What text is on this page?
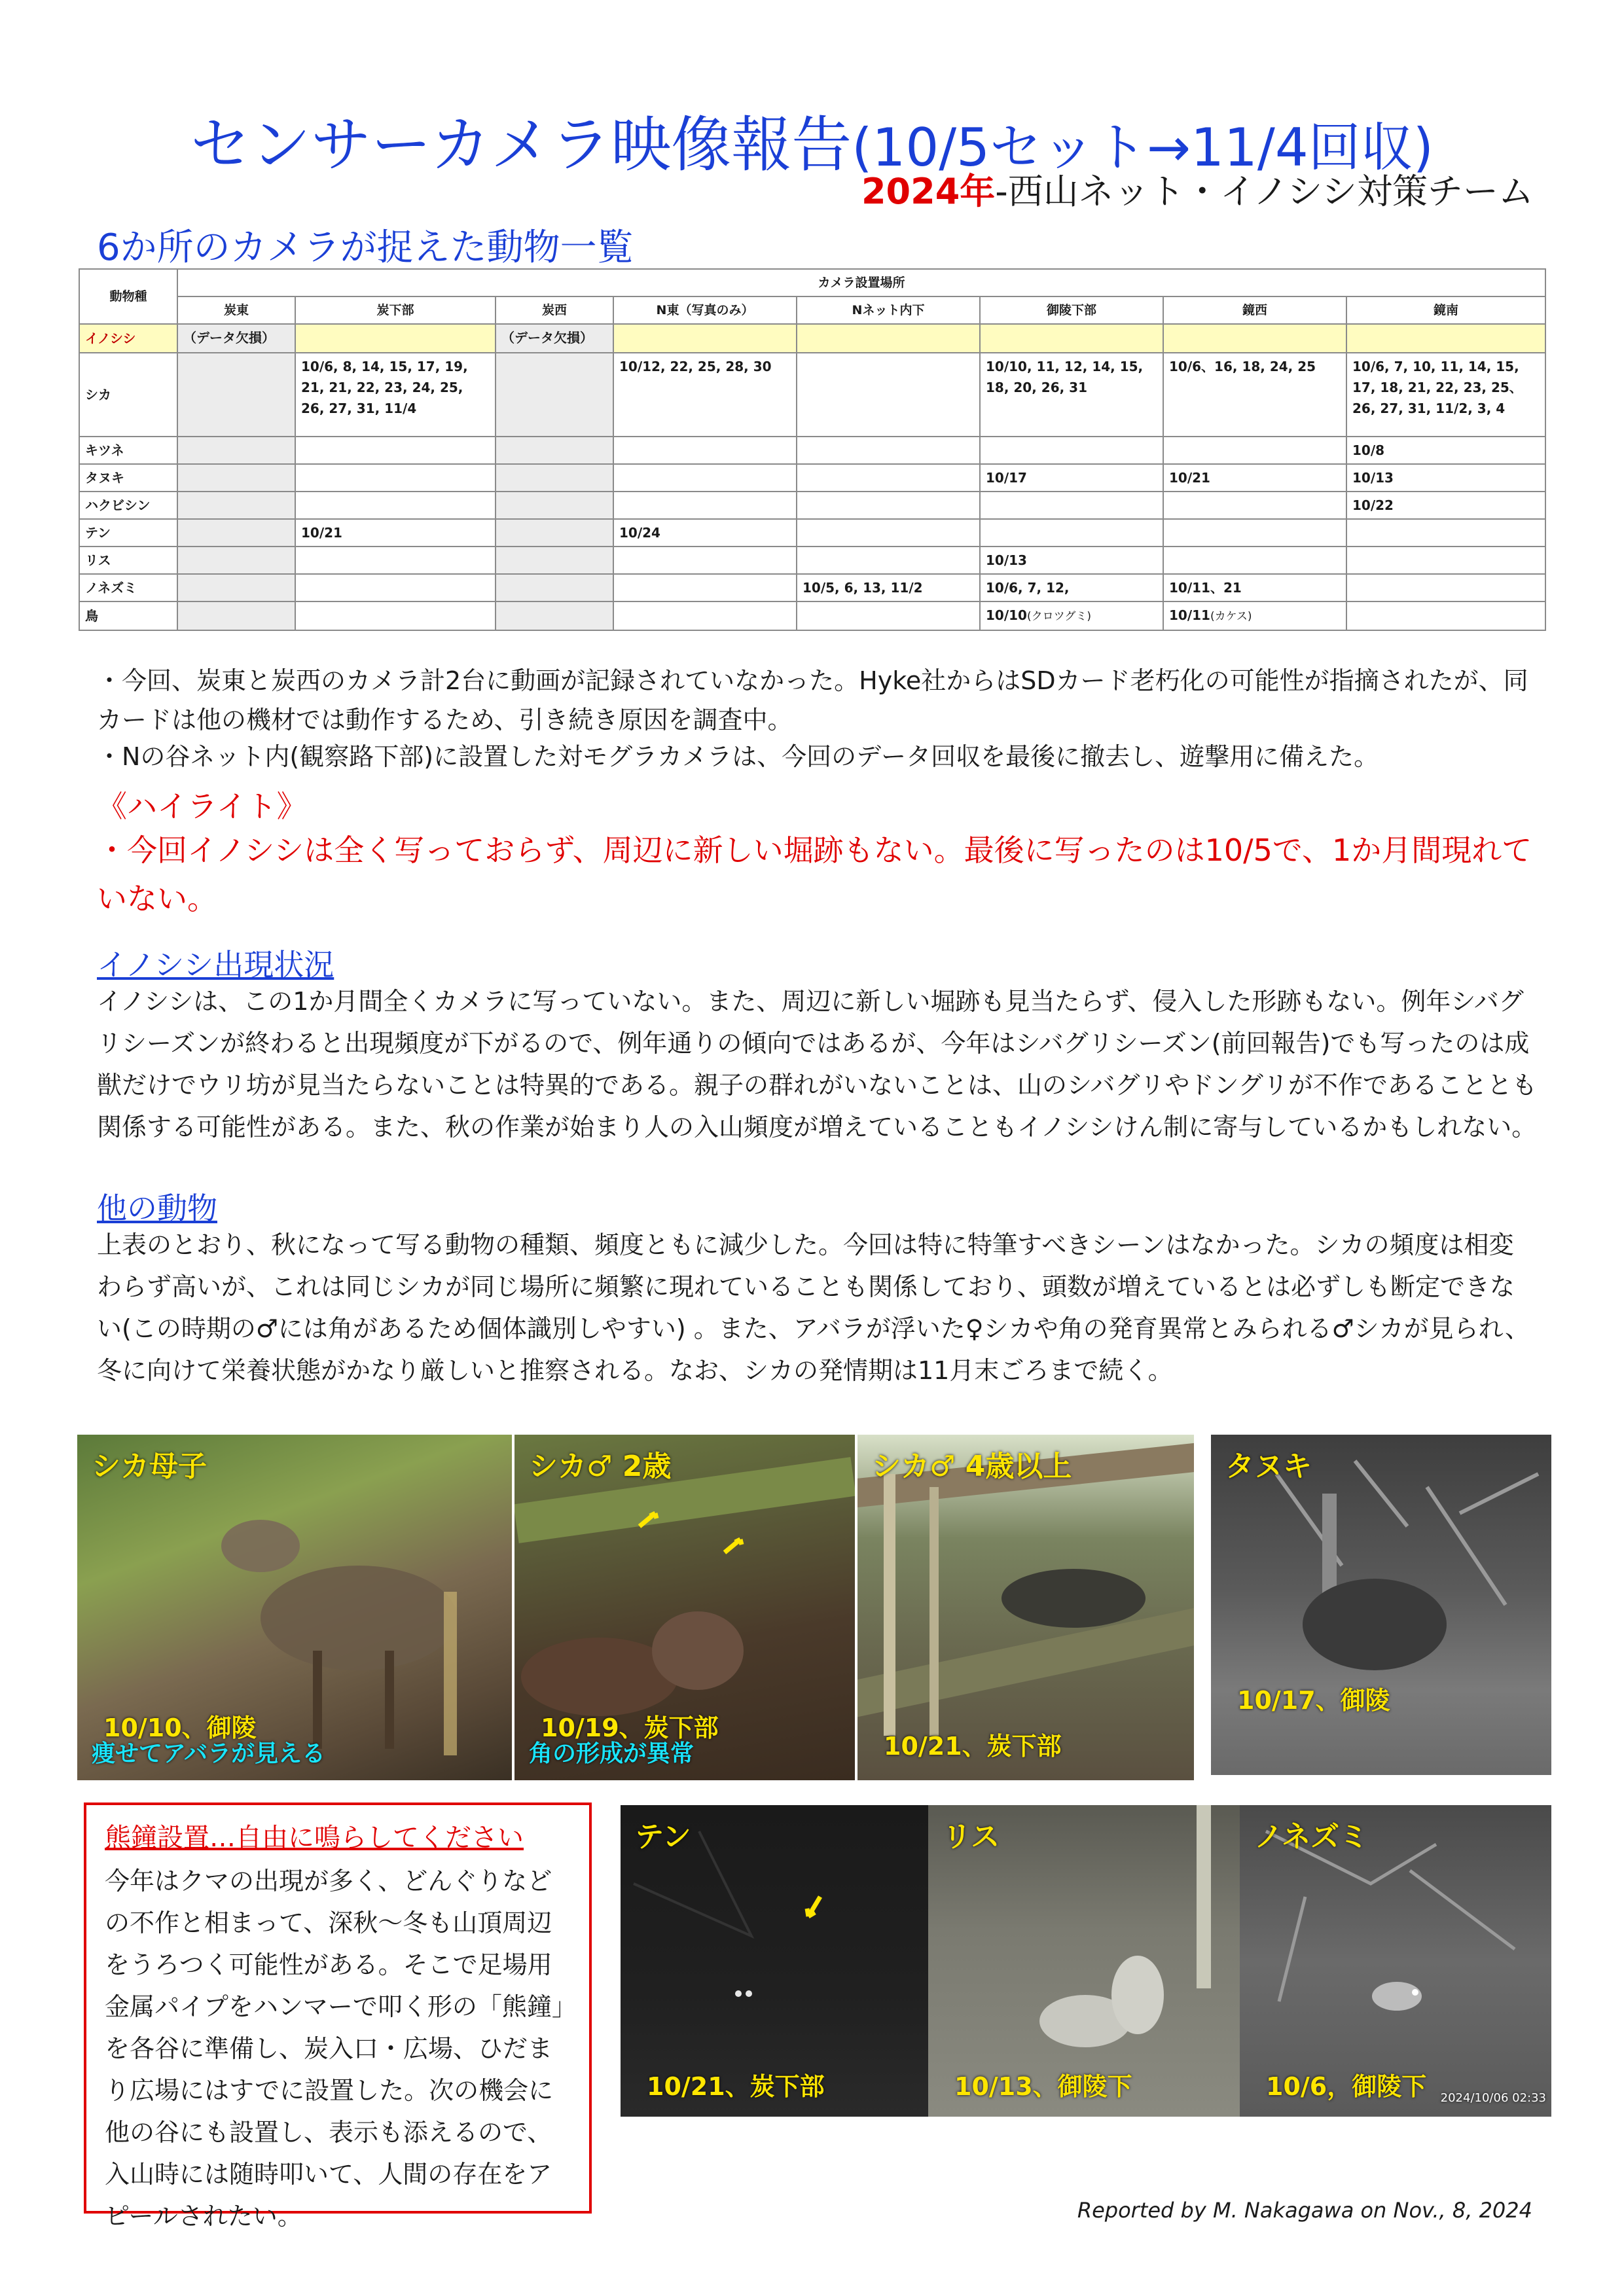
センサーカメラ映像報告(10/5セット→11/4回収)
2024年-西山ネット・イノシシ対策チーム
6か所のカメラが捉えた動物一覧
動物種	カメラ設置場所							
	炭東	炭下部	炭西	N東（写真のみ）	Nネット内下	御陵下部	鏡西	鏡南
イノシシ	（データ欠損）		（データ欠損）					
シカ		10/6, 8, 14, 15, 17, 19, 21, 21, 22, 23, 24, 25, 26, 27, 31, 11/4		10/12, 22, 25, 28, 30		10/10, 11, 12, 14, 15, 18, 20, 26, 31	10/6、16, 18, 24, 25	10/6, 7, 10, 11, 14, 15, 17, 18, 21, 22, 23, 25、26, 27, 31, 11/2, 3, 4
キツネ								10/8
タヌキ						10/17	10/21	10/13
ハクビシン								10/22
テン		10/21		10/24				
リス						10/13		
ノネズミ					10/5, 6, 13, 11/2	10/6, 7, 12,	10/11、21	
鳥						10/10(クロツグミ)	10/11(カケス)	
・今回、炭東と炭西のカメラ計2台に動画が記録されていなかった。Hyke社からはSDカード老朽化の可能性が指摘されたが、同カードは他の機材では動作するため、引き続き原因を調査中。
・Nの谷ネット内(観察路下部)に設置した対モグラカメラは、今回のデータ回収を最後に撤去し、遊撃用に備えた。
《ハイライト》
・今回イノシシは全く写っておらず、周辺に新しい堀跡もない。最後に写ったのは10/5で、1か月間現れていない。
イノシシ出現状況
イノシシは、この1か月間全くカメラに写っていない。また、周辺に新しい堀跡も見当たらず、侵入した形跡もない。例年シバグリシーズンが終わると出現頻度が下がるので、例年通りの傾向ではあるが、今年はシバグリシーズン(前回報告)でも写ったのは成獣だけでウリ坊が見当たらないことは特異的である。親子の群れがいないことは、山のシバグリやドングリが不作であることとも関係する可能性がある。また、秋の作業が始まり人の入山頻度が増えていることもイノシシけん制に寄与しているかもしれない。
他の動物
上表のとおり、秋になって写る動物の種類、頻度ともに減少した。今回は特に特筆すべきシーンはなかった。シカの頻度は相変わらず高いが、これは同じシカが同じ場所に頻繁に現れていることも関係しており、頭数が増えているとは必ずしも断定できない(この時期の♂には角があるため個体識別しやすい) 。また、アバラが浮いた♀シカや角の発育異常とみられる♂シカが見られ、冬に向けて栄養状態がかなり厳しいと推察される。なお、シカの発情期は11月末ごろまで続く。
シカ母子
10/10、御陵
痩せてアバラが見える
シカ♂ 2歳
10/19、炭下部
角の形成が異常
シカ♂ 4歳以上
10/21、炭下部
タヌキ
10/17、御陵
熊鐘設置…自由に鳴らしてください
今年はクマの出現が多く、どんぐりなどの不作と相まって、深秋～冬も山頂周辺をうろつく可能性がある。そこで足場用金属パイプをハンマーで叩く形の「熊鐘」を各谷に準備し、炭入口・広場、ひだまり広場にはすでに設置した。次の機会に他の谷にも設置し、表示も添えるので、入山時には随時叩いて、人間の存在をアピールされたい。
テン
10/21、炭下部
リス
10/13、御陵下
ノネズミ
10/6，御陵下 2024/10/06 02:33
Reported by M. Nakagawa on Nov., 8, 2024
